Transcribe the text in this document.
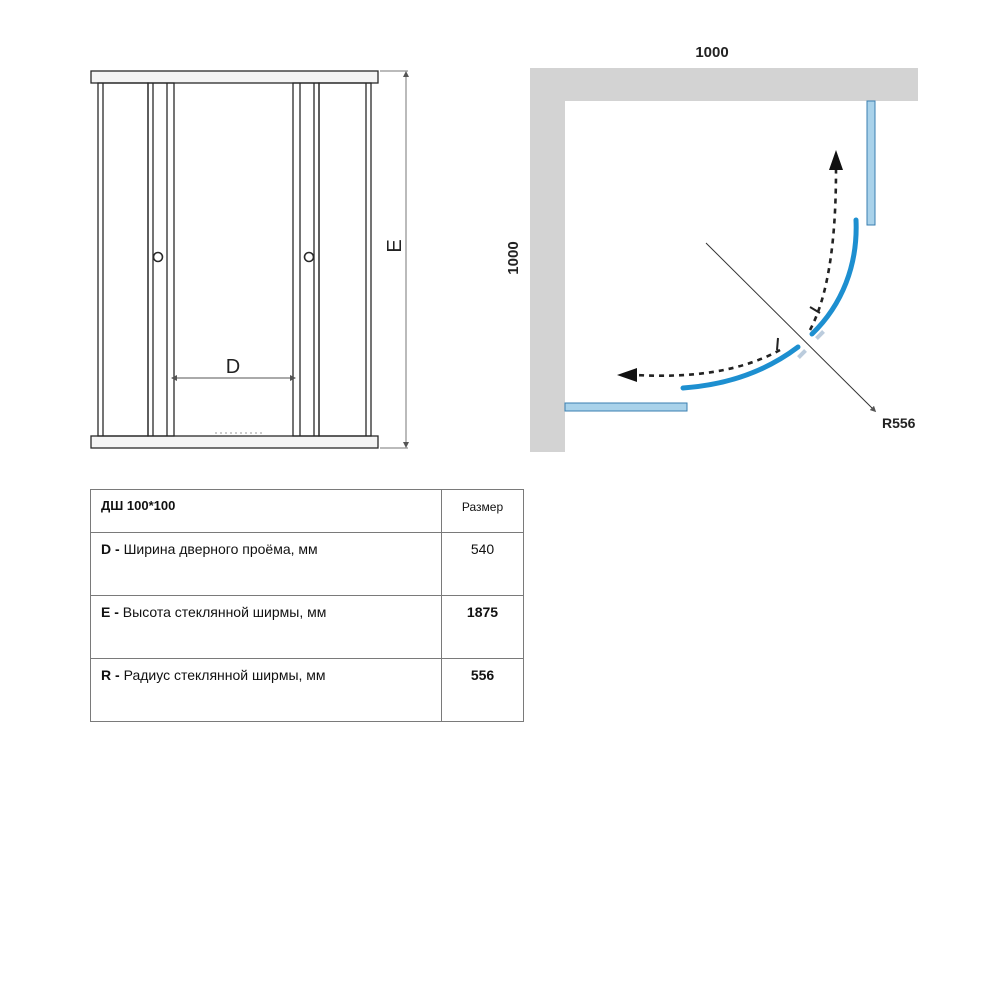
D
E
1000
1000
R556
ДШ 100*100	Размер
D - Ширина дверного проёма, мм	540
E - Высота стеклянной ширмы, мм	1875
R - Радиус стеклянной ширмы, мм	556
